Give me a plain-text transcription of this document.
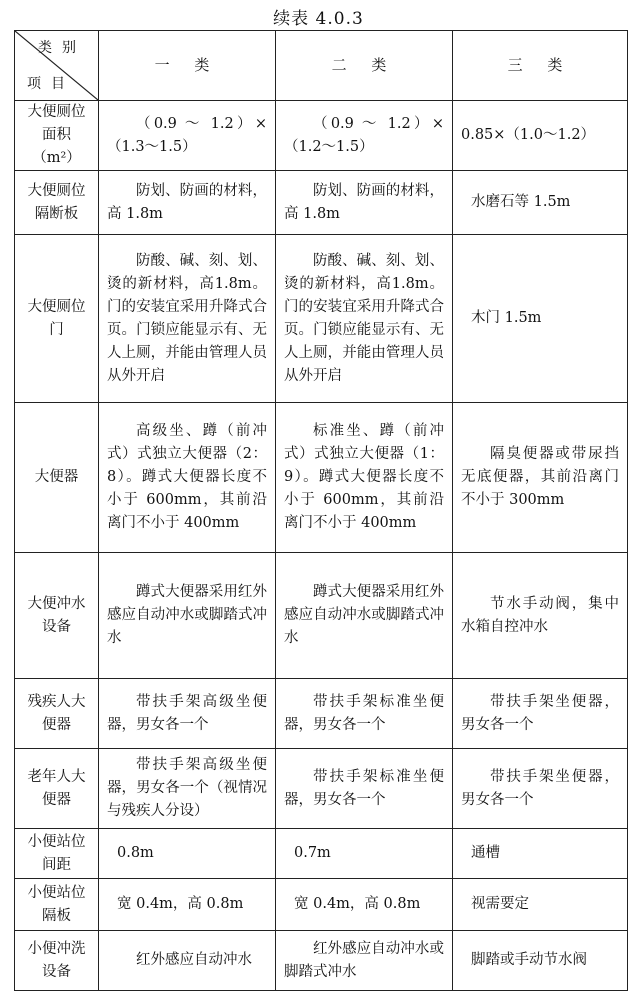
续表 4.0.3
类别
项目	一 类	二 类	三 类
大便厕位面积（m²）	（0.9 ～ 1.2）×（1.3～1.5）	（0.9 ～ 1.2）×（1.2～1.5）	0.85×（1.0～1.2）
大便厕位隔断板	防划、防画的材料，高 1.8m	防划、防画的材料，高 1.8m	水磨石等 1.5m

大便厕位门	防酸、碱、刻、划、烫的新材料，高1.8m。门的安装宜采用升降式合页。门锁应能显示有、无人上厕，并能由管理人员从外开启	防酸、碱、刻、划、烫的新材料，高1.8m。门的安装宜采用升降式合页。门锁应能显示有、无人上厕，并能由管理人员从外开启	木门 1.5m

大便器	高级坐、蹲（前冲式）式独立大便器（2：8）。蹲式大便器长度不小于 600mm，其前沿离门不小于 400mm	标准坐、蹲（前冲式）式独立大便器（1：9）。蹲式大便器长度不小于 600mm，其前沿离门不小于 400mm	隔臭便器或带尿挡无底便器，其前沿离门不小于 300mm

大便冲水设备	蹲式大便器采用红外感应自动冲水或脚踏式冲水	蹲式大便器采用红外感应自动冲水或脚踏式冲水	节水手动阀，集中水箱自控冲水

残疾人大便器	带扶手架高级坐便器，男女各一个	带扶手架标准坐便器，男女各一个	带扶手架坐便器，男女各一个

老年人大便器	带扶手架高级坐便器，男女各一个（视情况与残疾人分设）	带扶手架标准坐便器，男女各一个	带扶手架坐便器，男女各一个

小便站位间距	0.8m	0.7m	通槽

小便站位隔板	宽 0.4m，高 0.8m	宽 0.4m，高 0.8m	视需要定

小便冲洗设备	红外感应自动冲水	红外感应自动冲水或脚踏式冲水	脚踏或手动节水阀
